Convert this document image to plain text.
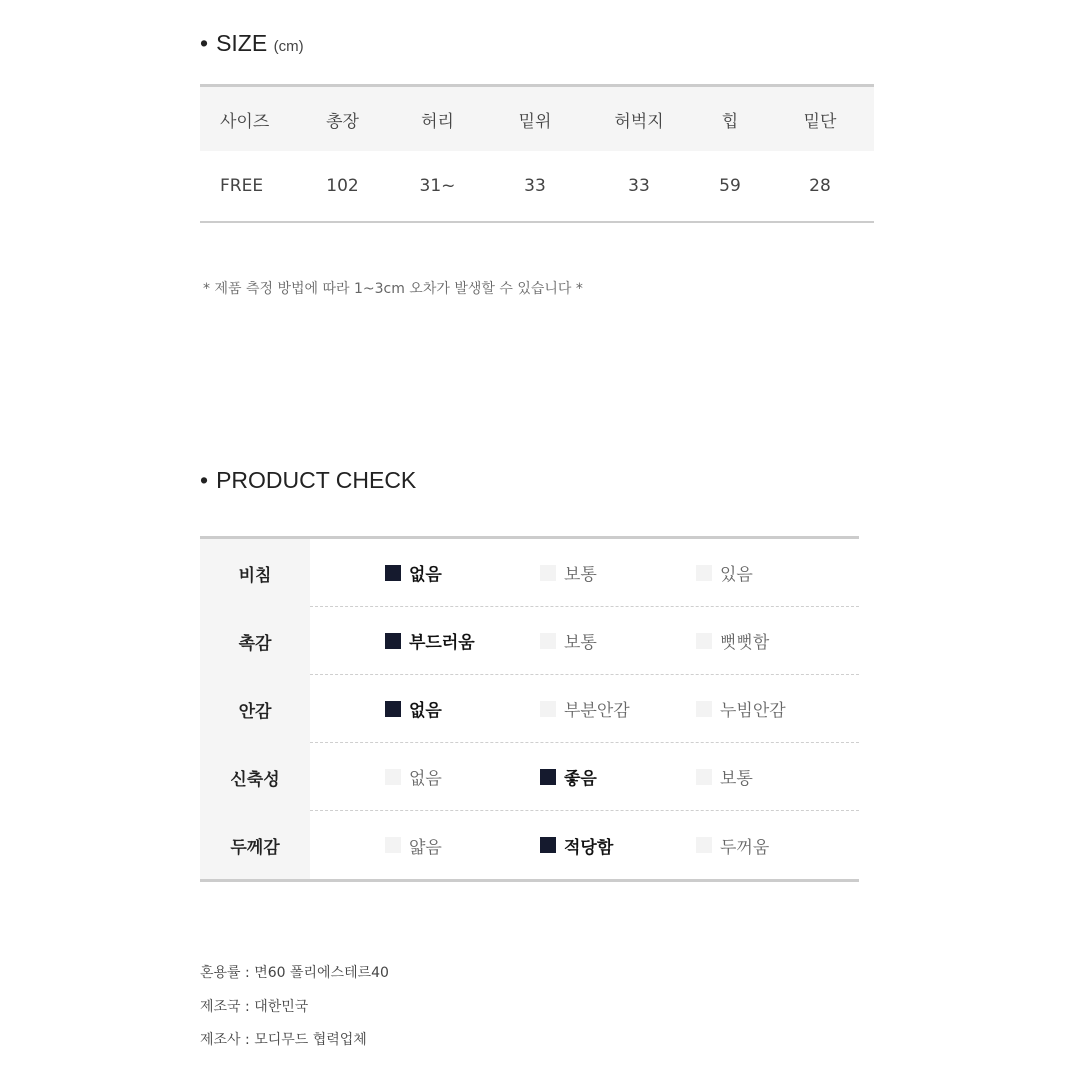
• SIZE (cm)
사이즈	총장	허리	밑위	허벅지	힙	밑단
FREE	102	31~	33	33	59	28
* 제품 측정 방법에 따라 1~3cm 오차가 발생할 수 있습니다 *
• PRODUCT CHECK
비침	없음	보통	있음
촉감	부드러움	보통	뻣뻣함
안감	없음	부분안감	누빔안감
신축성	없음	좋음	보통
두께감	얇음	적당함	두꺼움
혼용률 : 면60 폴리에스테르40
제조국 : 대한민국
제조사 : 모디무드 협력업체
